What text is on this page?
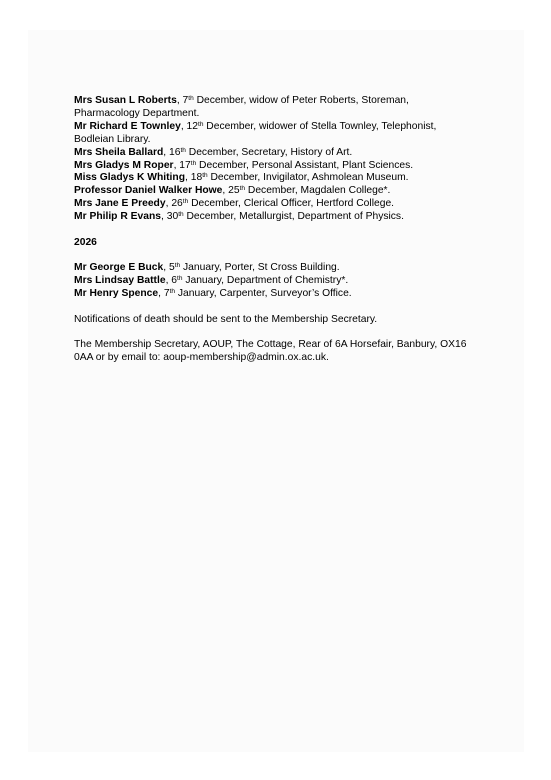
Mrs Susan L Roberts, 7th December, widow of Peter Roberts, Storeman, Pharmacology Department.
Mr Richard E Townley, 12th December, widower of Stella Townley, Telephonist, Bodleian Library.
Mrs Sheila Ballard, 16th December, Secretary, History of Art.
Mrs Gladys M Roper, 17th December, Personal Assistant, Plant Sciences.
Miss Gladys K Whiting, 18th December, Invigilator, Ashmolean Museum.
Professor Daniel Walker Howe, 25th December, Magdalen College*.
Mrs Jane E Preedy, 26th December, Clerical Officer, Hertford College.
Mr Philip R Evans, 30th December, Metallurgist, Department of Physics.
2026
Mr George E Buck, 5th January, Porter, St Cross Building.
Mrs Lindsay Battle, 6th January, Department of Chemistry*.
Mr Henry Spence, 7th January, Carpenter, Surveyor’s Office.
Notifications of death should be sent to the Membership Secretary.
The Membership Secretary, AOUP, The Cottage, Rear of 6A Horsefair, Banbury, OX16 0AA or by email to: aoup-membership@admin.ox.ac.uk.
